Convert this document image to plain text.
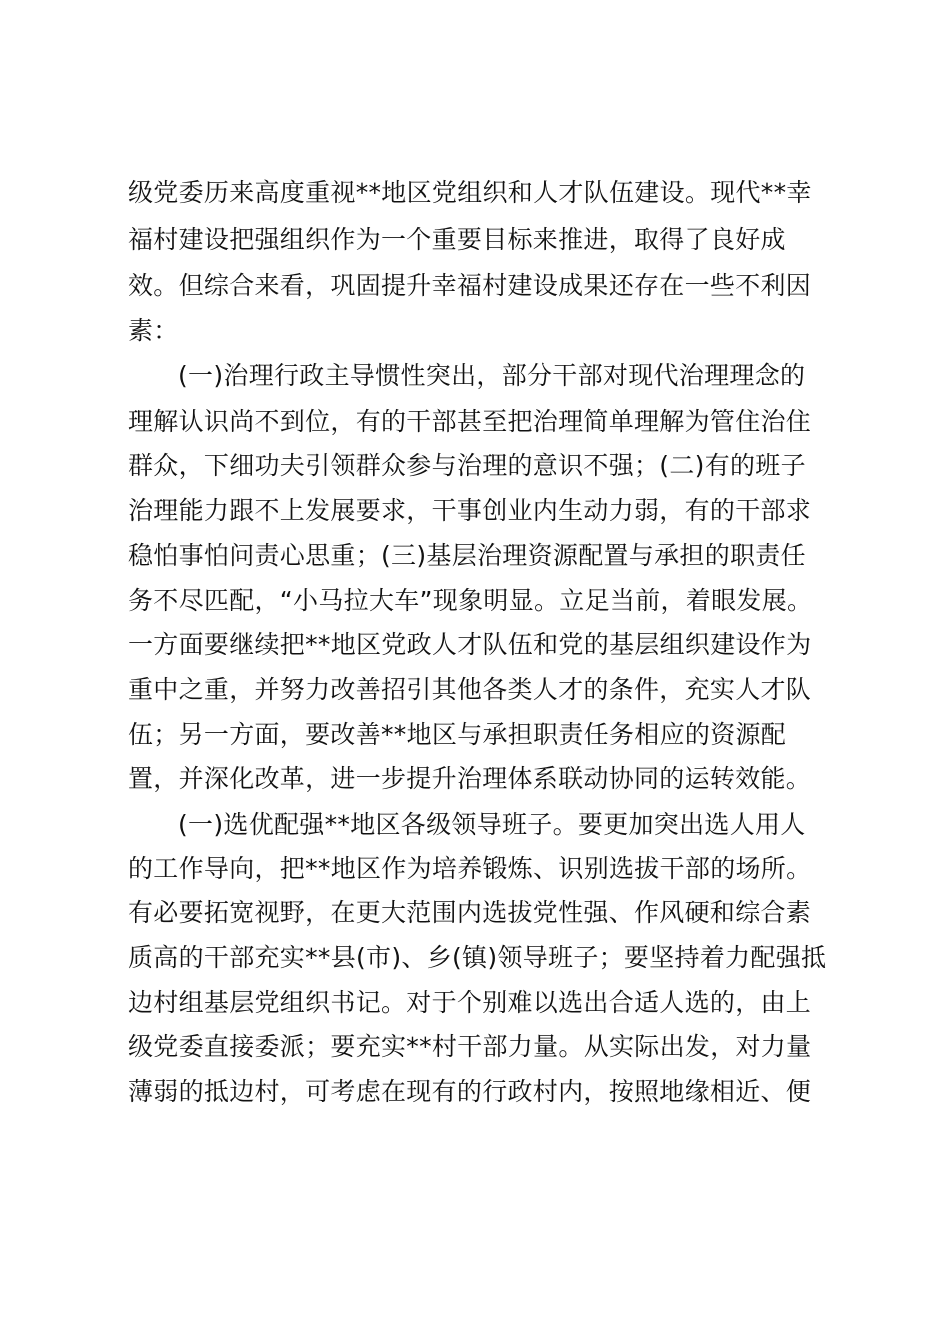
级党委历来高度重视**地区党组织和人才队伍建设。现代**幸

福村建设把强组织作为一个重要目标来推进，取得了良好成

效。但综合来看，巩固提升幸福村建设成果还存在一些不利因

素：

(一)治理行政主导惯性突出，部分干部对现代治理理念的

理解认识尚不到位，有的干部甚至把治理简单理解为管住治住

群众，下细功夫引领群众参与治理的意识不强；(二)有的班子

治理能力跟不上发展要求，干事创业内生动力弱，有的干部求

稳怕事怕问责心思重；(三)基层治理资源配置与承担的职责任

务不尽匹配，“小马拉大车”现象明显。立足当前，着眼发展。

一方面要继续把**地区党政人才队伍和党的基层组织建设作为

重中之重，并努力改善招引其他各类人才的条件，充实人才队

伍；另一方面，要改善**地区与承担职责任务相应的资源配

置，并深化改革，进一步提升治理体系联动协同的运转效能。

(一)选优配强**地区各级领导班子。要更加突出选人用人

的工作导向，把**地区作为培养锻炼、识别选拔干部的场所。

有必要拓宽视野，在更大范围内选拔党性强、作风硬和综合素

质高的干部充实**县(市)、乡(镇)领导班子；要坚持着力配强抵

边村组基层党组织书记。对于个别难以选出合适人选的，由上

级党委直接委派；要充实**村干部力量。从实际出发，对力量

薄弱的抵边村，可考虑在现有的行政村内，按照地缘相近、便
